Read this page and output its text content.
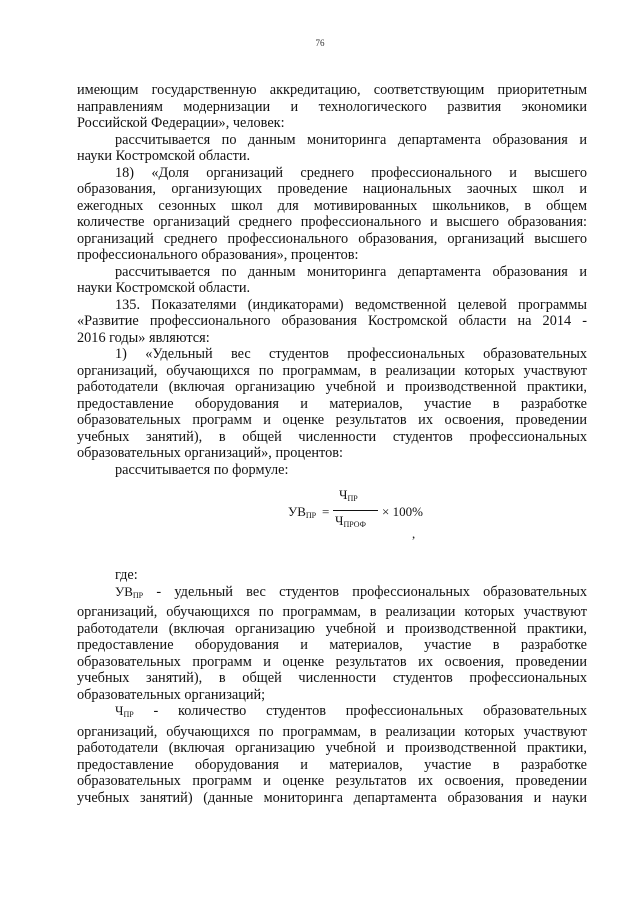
76

имеющим государственную аккредитацию, соответствующим приоритетным

направлениям модернизации и технологического развития экономики

Российской Федерации», человек:

рассчитывается по данным мониторинга департамента образования и

науки Костромской области.

18) «Доля организаций среднего профессионального и высшего

образования, организующих проведение национальных заочных школ и

ежегодных сезонных школ для мотивированных школьников, в общем

количестве организаций среднего профессионального и высшего образования:

организаций среднего профессионального образования, организаций высшего

профессионального образования», процентов:

рассчитывается по данным мониторинга департамента образования и

науки Костромской области.

135. Показателями (индикаторами) ведомственной целевой программы

«Развитие профессионального образования Костромской области на 2014 -

2016 годы» являются:

1) «Удельный вес студентов профессиональных образовательных

организаций, обучающихся по программам, в реализации которых участвуют

работодатели (включая организацию учебной и производственной практики,

предоставление оборудования и материалов, участие в разработке

образовательных программ и оценке результатов их освоения, проведении

учебных занятий), в общей численности студентов профессиональных

образовательных организаций», процентов:

рассчитывается по формуле:

$УВ_{ПР}$ =
$Ч_{ПР}$
$Ч_{ПРОФ}$
× 100%
,

где:

$УВ_{ПР}$ - удельный вес студентов профессиональных образовательных

организаций, обучающихся по программам, в реализации которых участвуют

работодатели (включая организацию учебной и производственной практики,

предоставление оборудования и материалов, участие в разработке

образовательных программ и оценке результатов их освоения, проведении

учебных занятий), в общей численности студентов профессиональных

образовательных организаций;

$Ч_{ПР}$ - количество студентов профессиональных образовательных

организаций, обучающихся по программам, в реализации которых участвуют

работодатели (включая организацию учебной и производственной практики,

предоставление оборудования и материалов, участие в разработке

образовательных программ и оценке результатов их освоения, проведении

учебных занятий) (данные мониторинга департамента образования и науки
